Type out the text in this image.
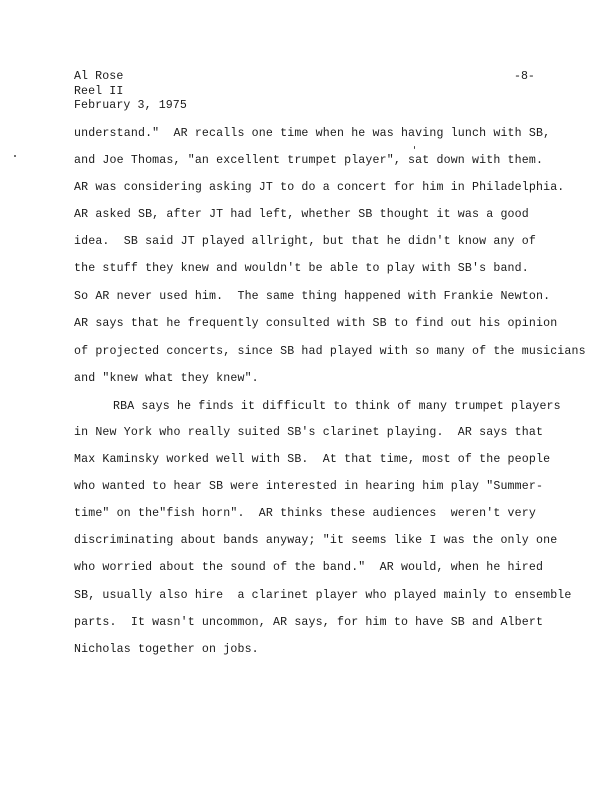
Al Rose
Reel II
February 3, 1975
-8-
understand."  AR recalls one time when he was having lunch with SB,
and Joe Thomas, "an excellent trumpet player", sat down with them.
AR was considering asking JT to do a concert for him in Philadelphia.
AR asked SB, after JT had left, whether SB thought it was a good
idea.  SB said JT played allright, but that he didn't know any of
the stuff they knew and wouldn't be able to play with SB's band.
So AR never used him.  The same thing happened with Frankie Newton.
AR says that he frequently consulted with SB to find out his opinion
of projected concerts, since SB had played with so many of the musicians
and "knew what they knew".
RBA says he finds it difficult to think of many trumpet players
in New York who really suited SB's clarinet playing.  AR says that
Max Kaminsky worked well with SB.  At that time, most of the people
who wanted to hear SB were interested in hearing him play "Summer-
time" on the"fish horn".  AR thinks these audiences  weren't very
discriminating about bands anyway; "it seems like I was the only one
who worried about the sound of the band."  AR would, when he hired
SB, usually also hire  a clarinet player who played mainly to ensemble
parts.  It wasn't uncommon, AR says, for him to have SB and Albert
Nicholas together on jobs.
